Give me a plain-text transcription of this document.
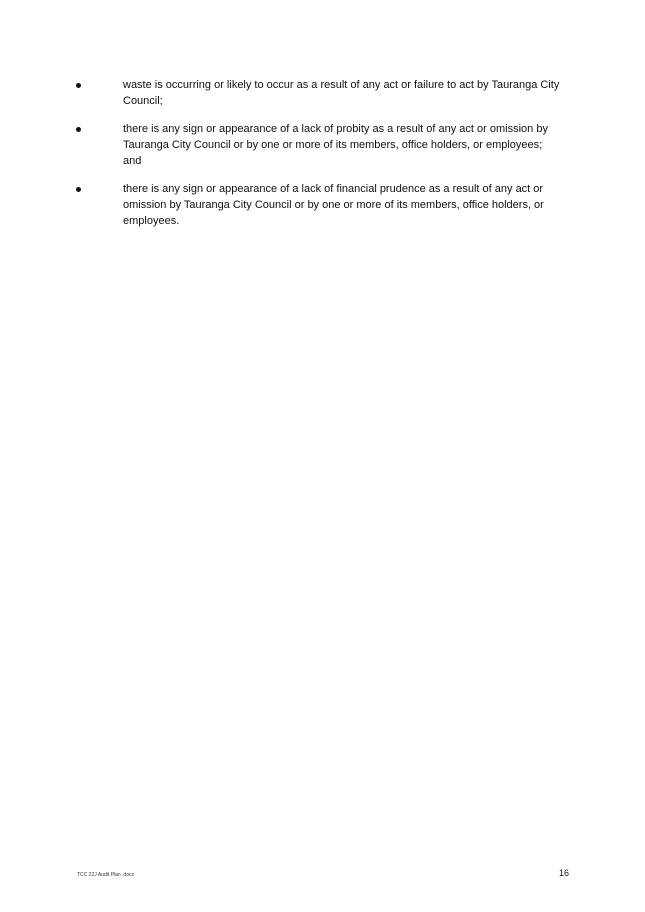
waste is occurring or likely to occur as a result of any act or failure to act by Tauranga City Council;
there is any sign or appearance of a lack of probity as a result of any act or omission by Tauranga City Council or by one or more of its members, office holders, or employees; and
there is any sign or appearance of a lack of financial prudence as a result of any act or omission by Tauranga City Council or by one or more of its members, office holders, or employees.
TCC 22J Audit Plan .docx	16
